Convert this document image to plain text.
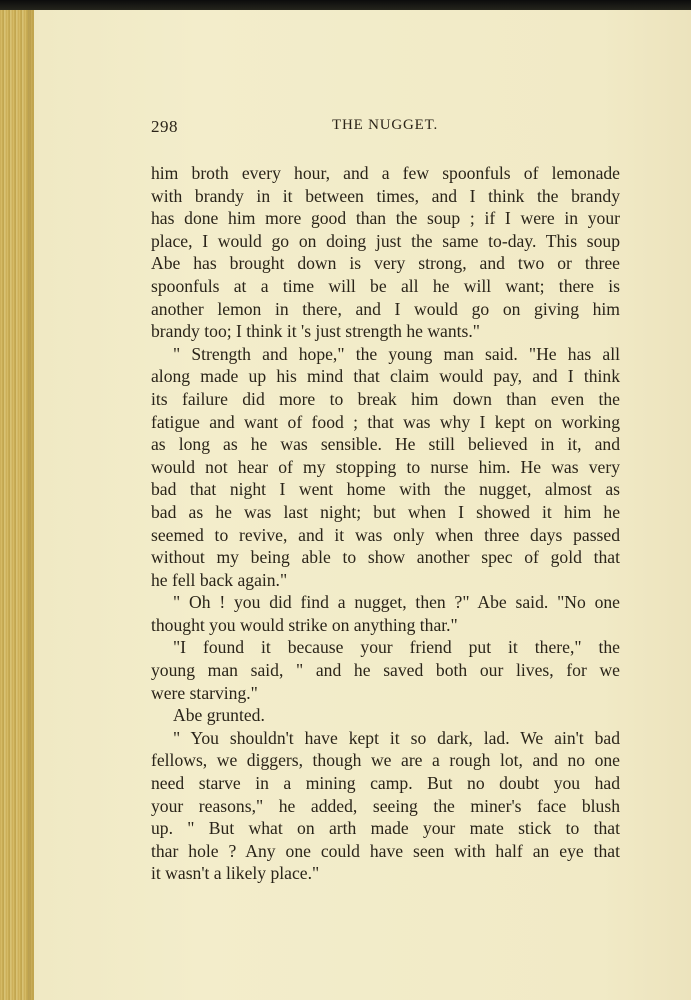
298	THE NUGGET.
him broth every hour, and a few spoonfuls of lemonade
with brandy in it between times, and I think the brandy
has done him more good than the soup ; if I were in your
place, I would go on doing just the same to-day. This soup
Abe has brought down is very strong, and two or three
spoonfuls at a time will be all he will want; there is
another lemon in there, and I would go on giving him
brandy too; I think it 's just strength he wants."
" Strength and hope," the young man said. "He has all
along made up his mind that claim would pay, and I think
its failure did more to break him down than even the
fatigue and want of food ; that was why I kept on working
as long as he was sensible. He still believed in it, and
would not hear of my stopping to nurse him. He was very
bad that night I went home with the nugget, almost as
bad as he was last night; but when I showed it him he
seemed to revive, and it was only when three days passed
without my being able to show another spec of gold that
he fell back again."
" Oh ! you did find a nugget, then ?" Abe said. "No one
thought you would strike on anything thar."
"I found it because your friend put it there," the
young man said, " and he saved both our lives, for we
were starving."
Abe grunted.
" You shouldn't have kept it so dark, lad. We ain't bad
fellows, we diggers, though we are a rough lot, and no one
need starve in a mining camp. But no doubt you had
your reasons," he added, seeing the miner's face blush
up. " But what on arth made your mate stick to that
thar hole ? Any one could have seen with half an eye that
it wasn't a likely place."
